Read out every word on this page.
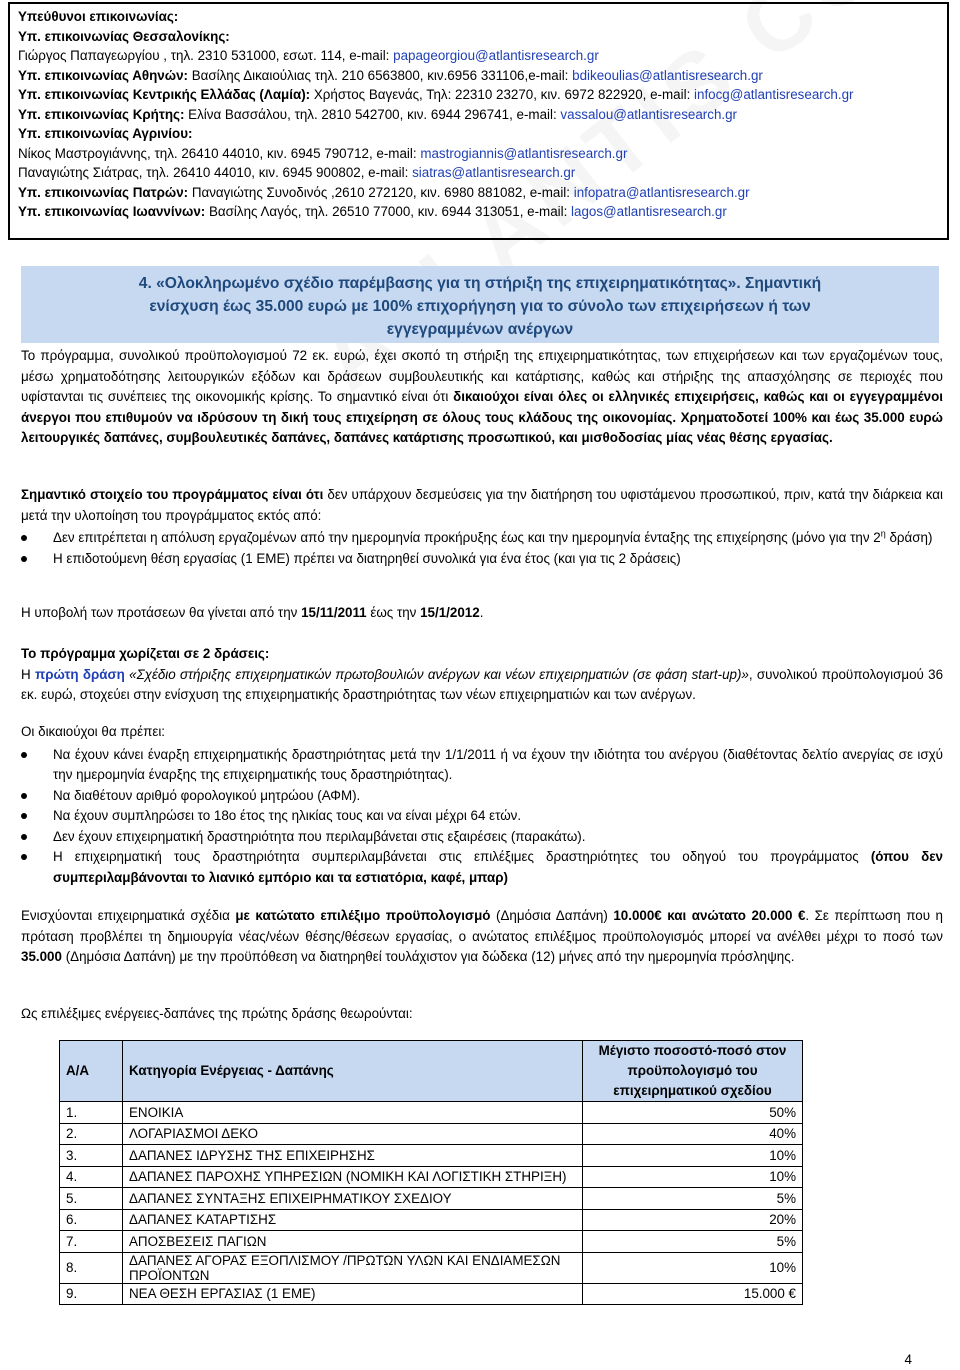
Υπεύθυνοι επικοινωνίας:
Υπ. επικοινωνίας Θεσσαλονίκης:
Γιώργος Παπαγεωργίου , τηλ. 2310 531000, εσωτ. 114, e-mail: papageorgiou@atlantisresearch.gr
Υπ. επικοινωνίας Αθηνών: Βασίλης Δικαιούλιας τηλ. 210 6563800, κιν.6956 331106,e-mail: bdikeoulias@atlantisresearch.gr
Υπ. επικοινωνίας Κεντρικής Ελλάδας (Λαμία): Χρήστος Βαγενάς, Τηλ: 22310 23270, κιν. 6972 822920, e-mail: infocg@atlantisresearch.gr
Υπ. επικοινωνίας Κρήτης: Ελίνα Βασσάλου, τηλ. 2810 542700, κιν. 6944 296741, e-mail: vassalou@atlantisresearch.gr
Υπ. επικοινωνίας Αγρινίου:
Νίκος Μαστρογιάννης, τηλ. 26410 44010, κιν. 6945 790712, e-mail: mastrogiannis@atlantisresearch.gr
Παναγιώτης Σιάτρας, τηλ. 26410 44010, κιν. 6945 900802, e-mail: siatras@atlantisresearch.gr
Υπ. επικοινωνίας Πατρών: Παναγιώτης Συνοδινός ,2610 272120, κιν. 6980 881082, e-mail: infopatra@atlantisresearch.gr
Υπ. επικοινωνίας Ιωαννίνων: Βασίλης Λαγός, τηλ. 26510 77000, κιν. 6944 313051, e-mail: lagos@atlantisresearch.gr
4. «Ολοκληρωμένο σχέδιο παρέμβασης για τη στήριξη της επιχειρηματικότητας». Σημαντική
ενίσχυση έως 35.000 ευρώ με 100% επιχορήγηση για το σύνολο των επιχειρήσεων ή των
εγγεγραμμένων ανέργων
Το πρόγραμμα, συνολικού προϋπολογισμού 72 εκ. ευρώ, έχει σκοπό τη στήριξη της επιχειρηματικότητας, των επιχειρήσεων και των εργαζομένων τους, μέσω χρηματοδότησης λειτουργικών εξόδων και δράσεων συμβουλευτικής και κατάρτισης, καθώς και στήριξης της απασχόλησης σε περιοχές που υφίστανται τις συνέπειες της οικονομικής κρίσης. Το σημαντικό είναι ότι δικαιούχοι είναι όλες οι ελληνικές επιχειρήσεις, καθώς και οι εγγεγραμμένοι άνεργοι που επιθυμούν να ιδρύσουν τη δική τους επιχείρηση σε όλους τους κλάδους της οικονομίας. Χρηματοδοτεί 100% και έως 35.000 ευρώ λειτουργικές δαπάνες, συμβουλευτικές δαπάνες, δαπάνες κατάρτισης προσωπικού, και μισθοδοσίας μίας νέας θέσης εργασίας.
Σημαντικό στοιχείο του προγράμματος είναι ότι δεν υπάρχουν δεσμεύσεις για την διατήρηση του υφιστάμενου προσωπικού, πριν, κατά την διάρκεια και μετά την υλοποίηση του προγράμματος εκτός από:
Δεν επιτρέπεται η απόλυση εργαζομένων από την ημερομηνία προκήρυξης έως και την ημερομηνία ένταξης της επιχείρησης (μόνο για την $2^\eta$ δράση)
Η επιδοτούμενη θέση εργασίας (1 ΕΜΕ) πρέπει να διατηρηθεί συνολικά για ένα έτος (και για τις 2 δράσεις)
Η υποβολή των προτάσεων θα γίνεται από την 15/11/2011 έως την 15/1/2012.
Το πρόγραμμα χωρίζεται σε 2 δράσεις:
Η πρώτη δράση «Σχέδιο στήριξης επιχειρηματικών πρωτοβουλιών ανέργων και νέων επιχειρηματιών (σε φάση start-up)», συνολικού προϋπολογισμού 36 εκ. ευρώ, στοχεύει στην ενίσχυση της επιχειρηματικής δραστηριότητας των νέων επιχειρηματιών και των ανέργων.
Οι δικαιούχοι θα πρέπει:
Να έχουν κάνει έναρξη επιχειρηματικής δραστηριότητας μετά την 1/1/2011 ή να έχουν την ιδιότητα του ανέργου (διαθέτοντας δελτίο ανεργίας σε ισχύ την ημερομηνία έναρξης της επιχειρηματικής τους δραστηριότητας).
Να διαθέτουν αριθμό φορολογικού μητρώου (ΑΦΜ).
Να έχουν συμπληρώσει το 18ο έτος της ηλικίας τους και να είναι μέχρι 64 ετών.
Δεν έχουν επιχειρηματική δραστηριότητα που περιλαμβάνεται στις εξαιρέσεις (παρακάτω).
Η επιχειρηματική τους δραστηριότητα συμπεριλαμβάνεται στις επιλέξιμες δραστηριότητες του οδηγού του προγράμματος (όπου δεν συμπεριλαμβάνονται το λιανικό εμπόριο και τα εστιατόρια, καφέ, μπαρ)
Ενισχύονται επιχειρηματικά σχέδια με κατώτατο επιλέξιμο προϋπολογισμό (Δημόσια Δαπάνη) 10.000€ και ανώτατο 20.000 €. Σε περίπτωση που η πρόταση προβλέπει τη δημιουργία νέας/νέων θέσης/θέσεων εργασίας, ο ανώτατος επιλέξιμος προϋπολογισμός μπορεί να ανέλθει μέχρι το ποσό των 35.000 (Δημόσια Δαπάνη) με την προϋπόθεση να διατηρηθεί τουλάχιστον για δώδεκα (12) μήνες από την ημερομηνία πρόσληψης.
Ως επιλέξιμες ενέργειες-δαπάνες της πρώτης δράσης θεωρούνται:
Α/Α	Κατηγορία Ενέργειας - Δαπάνης	Μέγιστο ποσοστό-ποσό στον προϋπολογισμό του επιχειρηματικού σχεδίου
1.	ΕΝΟΙΚΙΑ	50%
2.	ΛΟΓΑΡΙΑΣΜΟΙ ΔΕΚΟ	40%
3.	ΔΑΠΑΝΕΣ ΙΔΡΥΣΗΣ ΤΗΣ ΕΠΙΧΕΙΡΗΣΗΣ	10%
4.	ΔΑΠΑΝΕΣ ΠΑΡΟΧΗΣ ΥΠΗΡΕΣΙΩΝ (ΝΟΜΙΚΗ ΚΑΙ ΛΟΓΙΣΤΙΚΗ ΣΤΗΡΙΞΗ)	10%
5.	ΔΑΠΑΝΕΣ ΣΥΝΤΑΞΗΣ ΕΠΙΧΕΙΡΗΜΑΤΙΚΟΥ ΣΧΕΔΙΟΥ	5%
6.	ΔΑΠΑΝΕΣ ΚΑΤΑΡΤΙΣΗΣ	20%
7.	ΑΠΟΣΒΕΣΕΙΣ ΠΑΓΙΩΝ	5%
8.	ΔΑΠΑΝΕΣ ΑΓΟΡΑΣ ΕΞΟΠΛΙΣΜΟΥ /ΠΡΩΤΩΝ ΥΛΩΝ ΚΑΙ ΕΝΔΙΑΜΕΣΩΝ ΠΡΟΪΟΝΤΩΝ	10%
9.	ΝΕΑ ΘΕΣΗ ΕΡΓΑΣΙΑΣ (1 ΕΜΕ)	15.000 €
4
